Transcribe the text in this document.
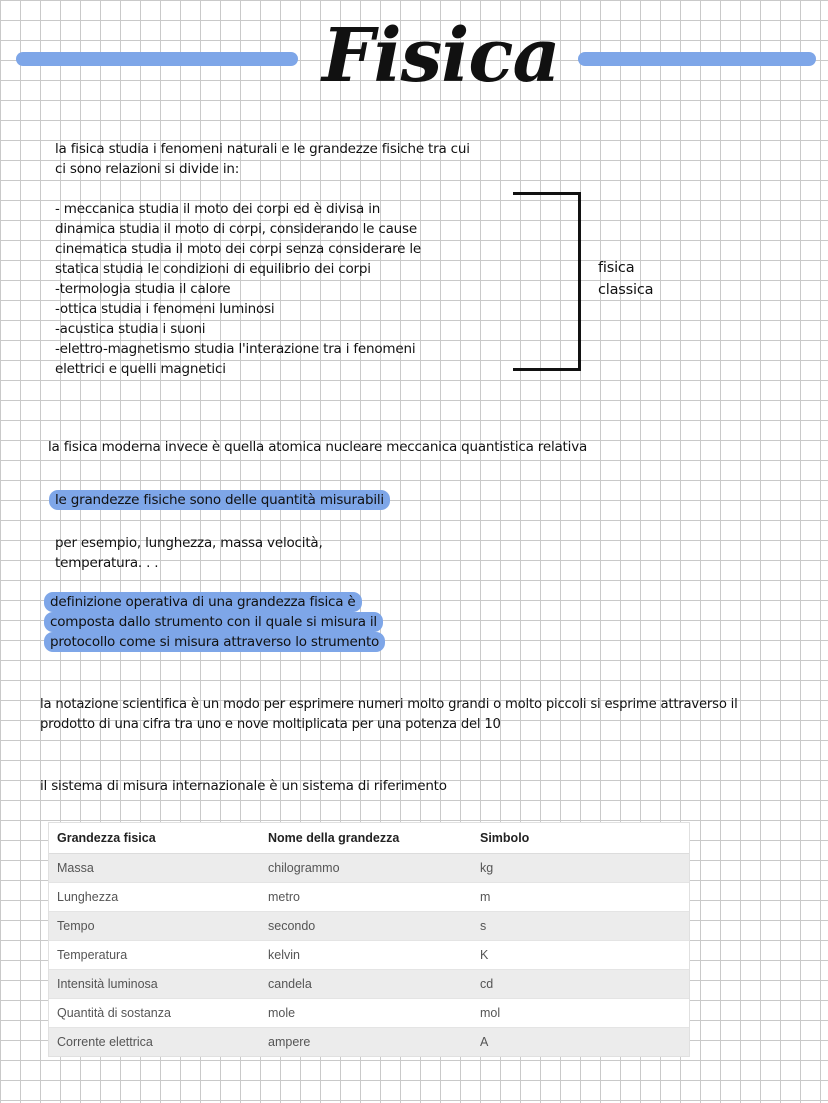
Fisica
la fisica studia i fenomeni naturali e le grandezze fisiche tra cui
ci sono relazioni si divide in:
- meccanica studia il moto dei corpi ed è divisa in
dinamica studia il moto di corpi, considerando le cause
cinematica studia il moto dei corpi senza considerare le
statica studia le condizioni di equilibrio dei corpi
-termologia studia il calore
-ottica studia i fenomeni luminosi
-acustica studia i suoni
-elettro-magnetismo studia l'interazione tra i fenomeni
elettrici e quelli magnetici
fisica
classica
la fisica moderna invece è quella atomica nucleare meccanica quantistica relativa
le grandezze fisiche sono delle quantità misurabili
per esempio, lunghezza, massa velocità,
temperatura. . .
definizione operativa di una grandezza fisica è
composta dallo strumento con il quale si misura il
protocollo come si misura attraverso lo strumento
la notazione scientifica è un modo per esprimere numeri molto grandi o molto piccoli si esprime attraverso il
prodotto di una cifra tra uno e nove moltiplicata per una potenza del 10
il sistema di misura internazionale è un sistema di riferimento
Grandezza fisica	Nome della grandezza	Simbolo
Massa	chilogrammo	kg
Lunghezza	metro	m
Tempo	secondo	s
Temperatura	kelvin	K
Intensità luminosa	candela	cd
Quantità di sostanza	mole	mol
Corrente elettrica	ampere	A
